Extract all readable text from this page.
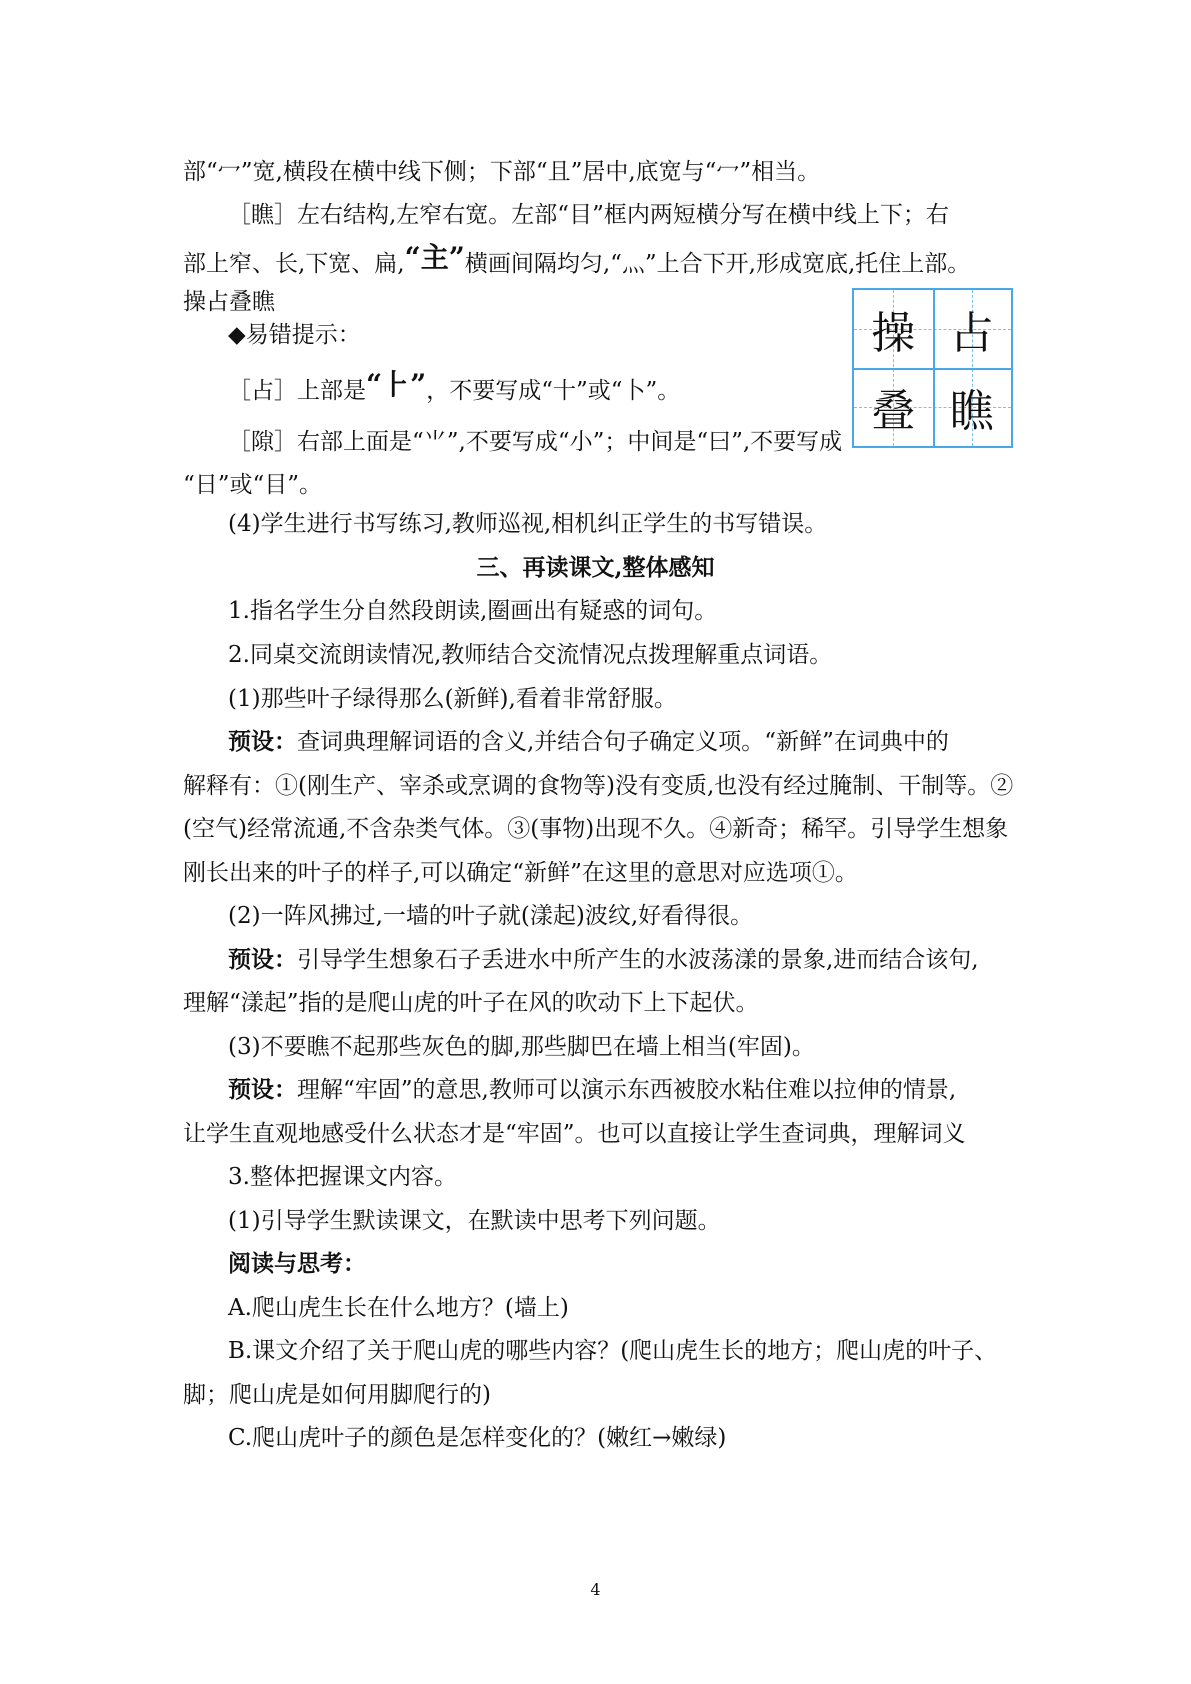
部“冖”宽,横段在横中线下侧；下部“且”居中,底宽与“冖”相当。
［瞧］左右结构,左窄右宽。左部“目”框内两短横分写在横中线上下；右
部上窄、长,下宽、扁,“主”横画间隔均匀,“灬”上合下开,形成宽底,托住上部。
操占叠瞧
◆易错提示：
［占］上部是“⺊”，不要写成“十”或“卜”。
［隙］右部上面是“⺌”,不要写成“小”；中间是“曰”,不要写成
“日”或“目”。
(4)学生进行书写练习,教师巡视,相机纠正学生的书写错误。
三、再读课文,整体感知
1.指名学生分自然段朗读,圈画出有疑惑的词句。
2.同桌交流朗读情况,教师结合交流情况点拨理解重点词语。
(1)那些叶子绿得那么(新鲜),看着非常舒服。
预设：查词典理解词语的含义,并结合句子确定义项。“新鲜”在词典中的
解释有：①(刚生产、宰杀或烹调的食物等)没有变质,也没有经过腌制、干制等。②
(空气)经常流通,不含杂类气体。③(事物)出现不久。④新奇；稀罕。引导学生想象
刚长出来的叶子的样子,可以确定“新鲜”在这里的意思对应选项①。
(2)一阵风拂过,一墙的叶子就(漾起)波纹,好看得很。
预设：引导学生想象石子丢进水中所产生的水波荡漾的景象,进而结合该句,
理解“漾起”指的是爬山虎的叶子在风的吹动下上下起伏。
(3)不要瞧不起那些灰色的脚,那些脚巴在墙上相当(牢固)。
预设：理解“牢固”的意思,教师可以演示东西被胶水粘住难以拉伸的情景,
让学生直观地感受什么状态才是“牢固”。也可以直接让学生查词典，理解词义
3.整体把握课文内容。
(1)引导学生默读课文，在默读中思考下列问题。
阅读与思考：
A.爬山虎生长在什么地方？(墙上)
B.课文介绍了关于爬山虎的哪些内容？(爬山虎生长的地方；爬山虎的叶子、
脚；爬山虎是如何用脚爬行的)
C.爬山虎叶子的颜色是怎样变化的？(嫩红→嫩绿)
操 占
叠 瞧
4
